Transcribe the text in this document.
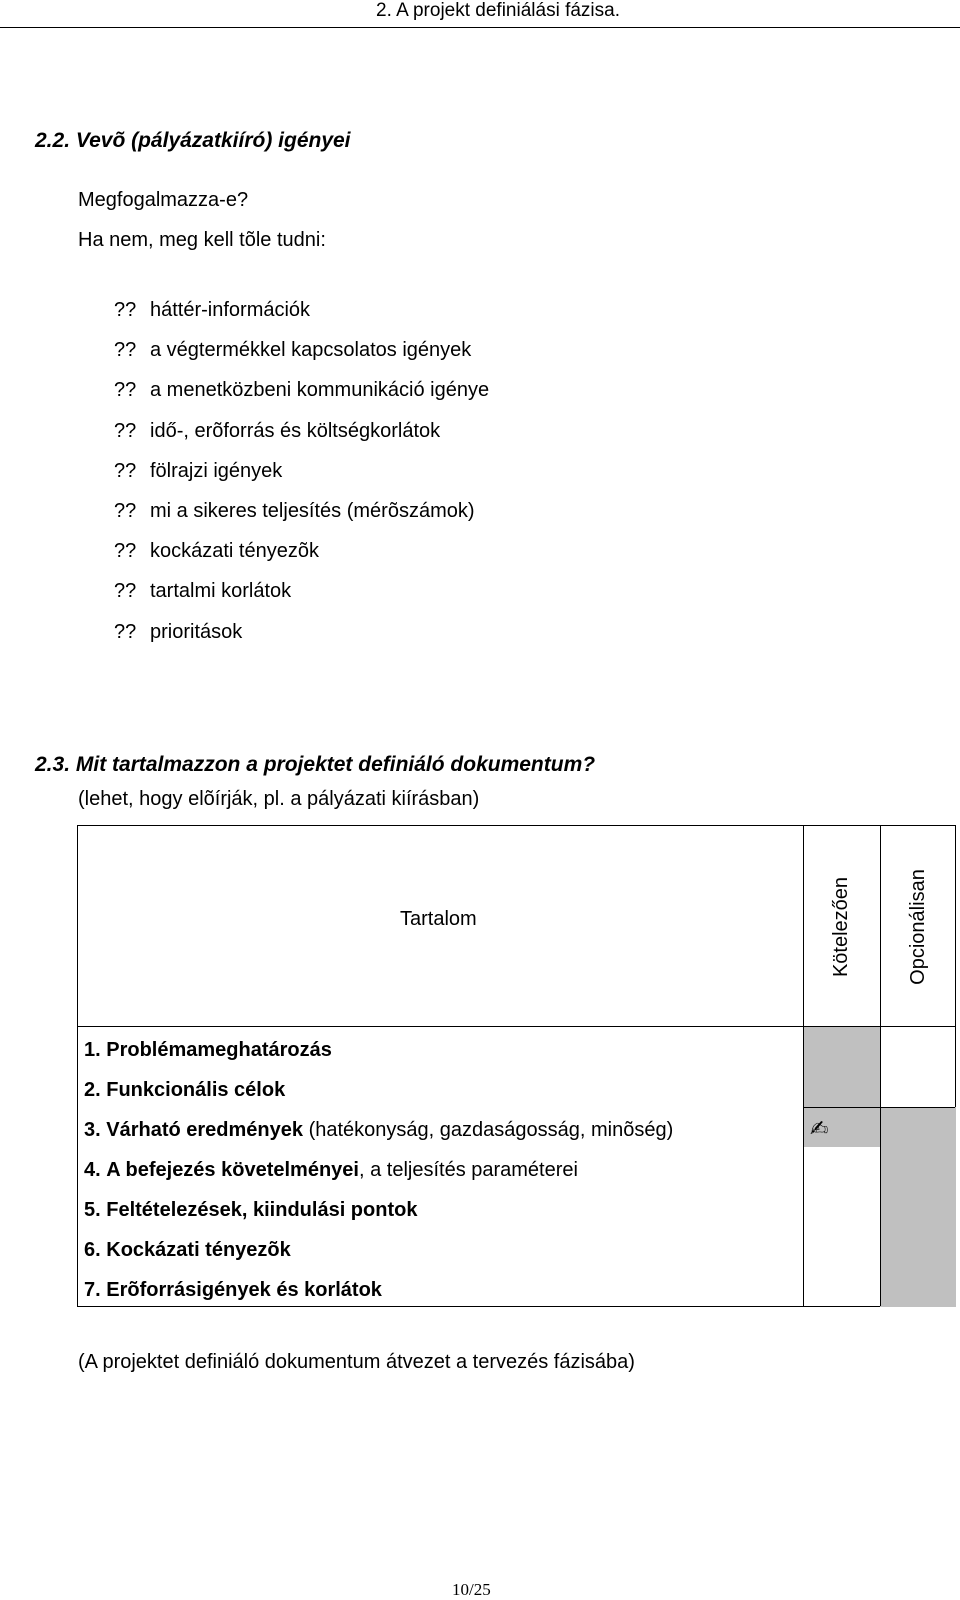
2. A projekt definiálási fázisa.
2.2. Vevõ (pályázatkiíró) igényei
Megfogalmazza-e?
Ha nem, meg kell tõle tudni:
?? háttér-információk
?? a végtermékkel kapcsolatos igények
?? a menetközbeni kommunikáció igénye
?? idő-, erõforrás és költségkorlátok
?? fölrajzi igények
?? mi a sikeres teljesítés (mérõszámok)
?? kockázati tényezõk
?? tartalmi korlátok
?? prioritások
2.3. Mit tartalmazzon a projektet definiáló dokumentum?
(lehet, hogy elõírják, pl. a pályázati kiírásban)
Tartalom	Kötelezően	Opcionálisan
1. Problémameghatározás
2. Funkcionális célok
3. Várható eredmények (hatékonyság, gazdaságosság, minõség)	✍
4. A befejezés követelményei, a teljesítés paraméterei
5. Feltételezések, kiindulási pontok
6. Kockázati tényezõk
7. Erõforrásigények és korlátok
(A projektet definiáló dokumentum átvezet a tervezés fázisába)
10/25
